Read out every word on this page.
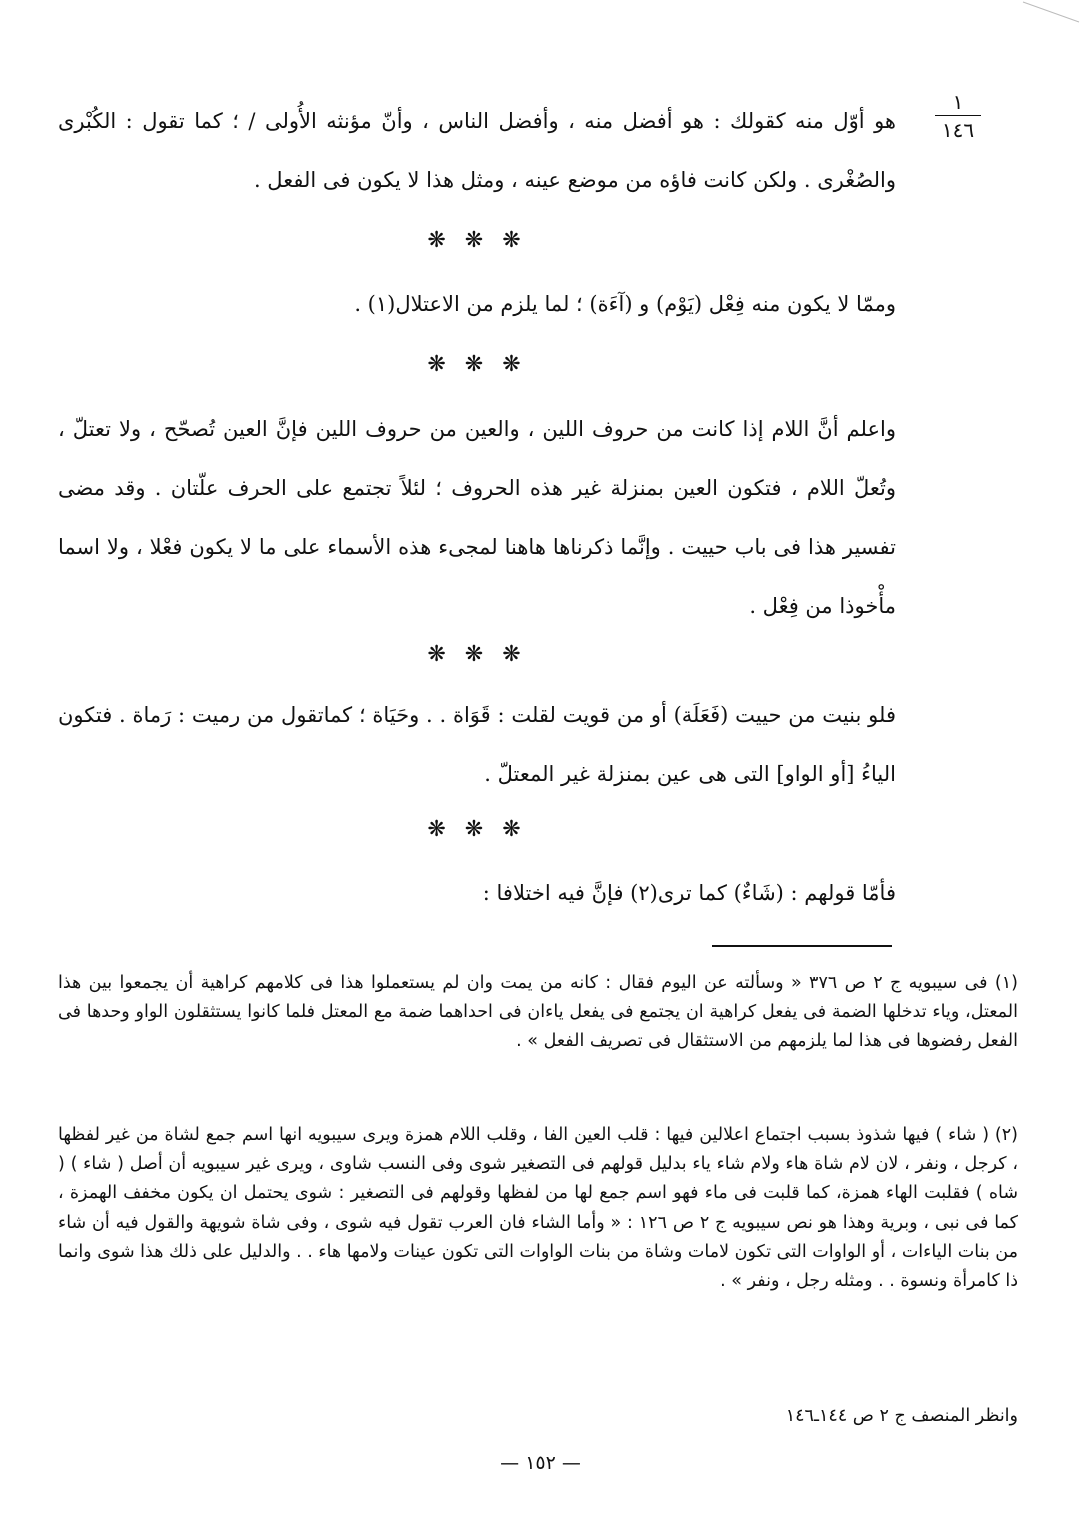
١
١٤٦

هو أوّل منه كقولك : هو أفضل منه ، وأفضل الناس ، وأنّ مؤنثه الأُولى / ؛ كما تقول : الكُبْرى والصُغْرى . ولكن كانت فاؤه من موضع عينه ، ومثل هذا لا يكون فى الفعل .

❋ ❋ ❋

وممّا لا يكون منه فِعْل (يَوْم) و (آءَة) ؛ لما يلزم من الاعتلال(١) .

❋ ❋ ❋

واعلم أنَّ اللام إذا كانت من حروف اللين ، والعين من حروف اللين فإنَّ العين تُصحّح ، ولا تعتلّ ، وتُعلّ اللام ، فتكون العين بمنزلة غير هذه الحروف ؛ لئلاً تجتمع على الحرف علّتان . وقد مضى تفسير هذا فى باب حييت . وإنَّما ذكرناها هاهنا لمجىء هذه الأسماء على ما لا يكون فعْلا ، ولا اسما مأْخوذا من فِعْل .

❋ ❋ ❋

فلو بنيت من حييت (فَعَلَة) أو من قويت لقلت : قَوَاة . . وحَيَاة ؛ كماتقول من رميت : رَماة . فتكون الياءُ [أو الواو] التى هى عين بمنزلة غير المعتلّ .

❋ ❋ ❋

فأمّا قولهم : (شَاءٌ) كما ترى(٢) فإنَّ فيه اختلافا :

(١) فى سيبويه ج ٢ ص ٣٧٦ « وسألته عن اليوم فقال : كانه من يمت وان لم يستعملوا هذا فى كلامهم كراهية أن يجمعوا بين هذا المعتل، وياء تدخلها الضمة فى يفعل كراهية ان يجتمع فى يفعل ياءان فى احداهما ضمة مع المعتل فلما كانوا يستثقلون الواو وحدها فى الفعل رفضوها فى هذا لما يلزمهم من الاستثقال فى تصريف الفعل » .

(٢) ( شاء ) فيها شذوذ بسبب اجتماع اعلالين فيها : قلب العين الفا ، وقلب اللام همزة ويرى سيبويه انها اسم جمع لشاة من غير لفظها ، كرجل ، ونفر ، لان لام شاة هاء ولام شاء ياء بدليل قولهم فى التصغير شوى وفى النسب شاوى ، ويرى غير سيبويه أن أصل ( شاء ) ( شاه ) فقلبت الهاء همزة، كما قلبت فى ماء فهو اسم جمع لها من لفظها وقولهم فى التصغير : شوى يحتمل ان يكون مخفف الهمزة ، كما فى نبى ، وبرية وهذا هو نص سيبويه ج ٢ ص ١٢٦ : « وأما الشاء فان العرب تقول فيه شوى ، وفى شاة شويهة والقول فيه أن شاء من بنات الياءات ، أو الواوات التى تكون لامات وشاة من بنات الواوات التى تكون عينات ولامها هاء . . والدليل على ذلك هذا شوى وانما ذا كامرأة ونسوة . . ومثله رجل ، ونفر » .

وانظر المنصف ج ٢ ص ١٤٤ـ١٤٦

— ١٥٢ —
